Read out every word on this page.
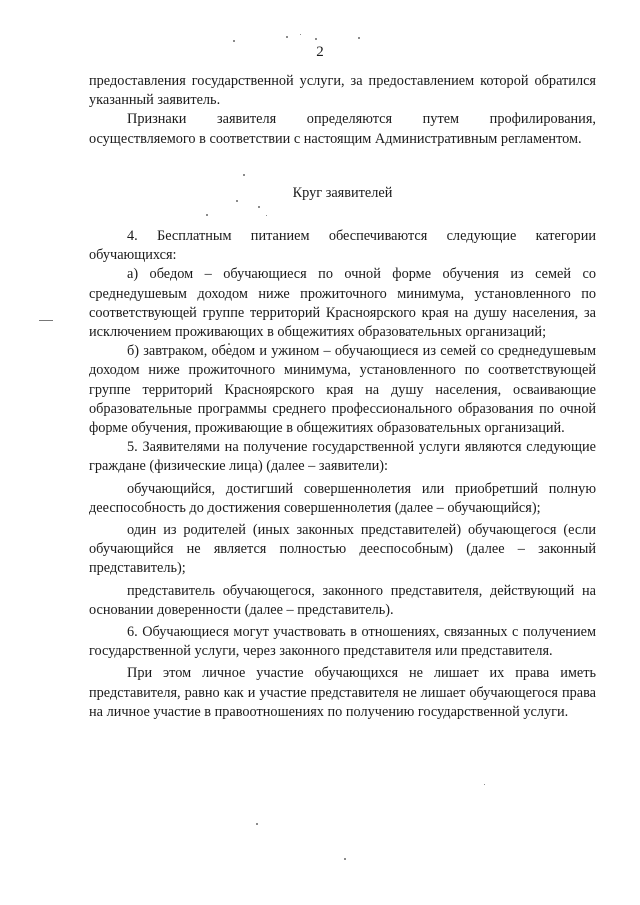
2

предоставления государственной услуги, за предоставлением которой обратился указанный заявитель.

Признаки заявителя определяются путем профилирования, осуществляемого в соответствии с настоящим Административным регламентом.

Круг заявителей

4. Бесплатным питанием обеспечиваются следующие категории обучающихся:

а) обедом – обучающиеся по очной форме обучения из семей со среднедушевым доходом ниже прожиточного минимума, установленного по соответствующей группе территорий Красноярского края на душу населения, за исключением проживающих в общежитиях образовательных организаций;

б) завтраком, обедом и ужином – обучающиеся из семей со среднедушевым доходом ниже прожиточного минимума, установленного по соответствующей группе территорий Красноярского края на душу населения, осваивающие образовательные программы среднего профессионального образования по очной форме обучения, проживающие в общежитиях образовательных организаций.

5. Заявителями на получение государственной услуги являются следующие граждане (физические лица) (далее – заявители):

обучающийся, достигший совершеннолетия или приобретший полную дееспособность до достижения совершеннолетия (далее – обучающийся);

один из родителей (иных законных представителей) обучающегося (если обучающийся не является полностью дееспособным) (далее – законный представитель);

представитель обучающегося, законного представителя, действующий на основании доверенности (далее – представитель).

6. Обучающиеся могут участвовать в отношениях, связанных с получением государственной услуги, через законного представителя или представителя.

При этом личное участие обучающихся не лишает их права иметь представителя, равно как и участие представителя не лишает обучающегося права на личное участие в правоотношениях по получению государственной услуги.
